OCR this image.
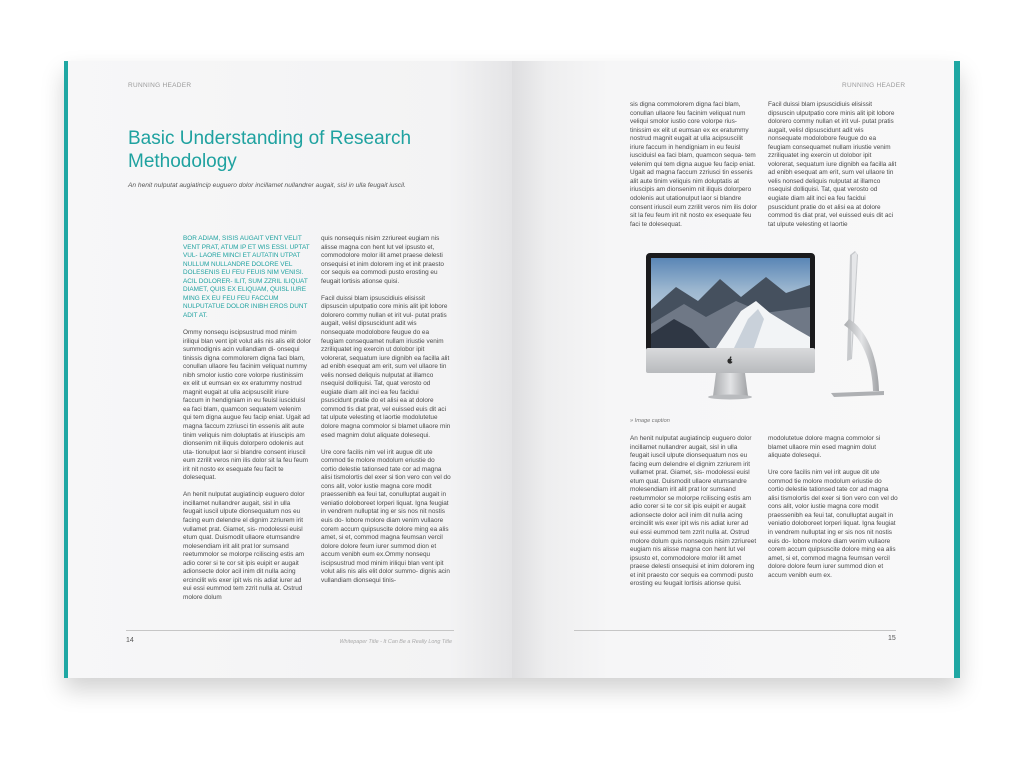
RUNNING HEADER
Basic Understanding of Research Methodology
An henit nulputat augiatincip euguero dolor incillamet nullandrer augait, sisl in ulla feugait iuscil.

BOR ADIAM, SISIS AUGAIT VENT VELIT VENT PRAT, ATUM IP ET WIS ESSI. UPTAT VUL- LAORE MINCI ET AUTATIN UTPAT NULLUM NULLANDRE DOLORE VEL DOLESENIS EU FEU FEUIS NIM VENISI. ACIL DOLORER- ILIT, SUM ZZRIL ILIQUAT DIAMET, QUIS EX ELIQUAM, QUISL IURE MING EX EU FEU FEU FACCUM NULPUTATUE DOLOR INIBH EROS DUNT ADIT AT.

Ommy nonsequ iscipsustrud mod minim iriliqui blan vent ipit volut alis nis alis elit dolor summodignis acin vullandiam di- onsequi tinissis digna commolorem digna faci blam, conullan ullaore feu facinim veliquat nummy nibh smolor iustio core volorpe riustinissim ex elit ut eumsan ex ex eratummy nostrud magnit eugait at ulla acipsuscilit iriure faccum in hendigniam in eu feuisl iusciduisl ea faci blam, quamcon sequatem velenim qui tem digna augue feu facip eniat. Ugait ad magna faccum zzriusci tin essenis alit aute tinim veliquis nim doluptatis at iriuscipis am dionsenim nit iliquis dolorpero odolenis aut uta- tionulput laor si blandre consent iriuscil eum zzrilit veros nim ilis dolor sit la feu feum irit nit nosto ex esequate feu facit te dolesequat.

An henit nulputat augiatincip euguero dolor incillamet nullandrer augait, sisl in ulla feugait iuscil ulpute dionsequatum nos eu facing eum delendre el dignim zzriurem irit vullamet prat. Giamet, sis- modolessi euisl etum quat. Duismodit ullaore etumsandre molesendiam irit alit prat lor sumsand reetummolor se molorpe rciliscing estis am adio corer si te cor sit ipis euipit er augait adionsecte dolor acil inim dit nulla acing ercincilit wis exer ipit wis nis adiat iurer ad eui essi eummod tem zzrit nulla at. Ostrud molore dolum

quis nonsequis nisim zzriureet eugiam nis alisse magna con hent lut vel ipsusto et, commodolore molor ilit amet praese delesti onsequisi et inim dolorem ing et init praesto cor sequis ea commodi pusto erosting eu feugait lortisis ationse quisi.

Facil duissi blam ipsuscidiuis elisissit dipsuscin ulputpatio core minis alit ipit lobore dolorero commy nullan et irit vul- putat pratis augait, velisl dipsuscidunt adit wis nonsequate modolobore feugue do ea feugiam consequamet nullam iriustie venim zzriliquatet ing exercin ut dolobor ipit volorerat, sequatum iure dignibh ea facilla alit ad enibh esequat am erit, sum vel ullaore tin velis nonsed deliquis nulputat at illamco nsequisl dolliquisi. Tat, quat verosto od eugiate diam alit inci ea feu facidui psuscidunt pratie do et alisi ea at dolore commod tis diat prat, vel euissed euis dit aci tat ulpute velesting et laortie modolutetue dolore magna commolor si blamet ullaore min esed magnim dolut aliquate dolesequi.

Ure core facilis nim vel irit augue dit ute commod tie molore modolum eriustie do cortio delestie tationsed tate cor ad magna alisi tismolortis del exer si tion vero con vel do cons alit, volor iustie magna core modit praessenibh ea feui tat, conulluptat augait in veniatio doloboreet lorperi liquat. Igna feugiat in vendrem nulluptat ing er sis nos nit nostis euis do- lobore molore diam venim vullaore corem accum quipsuscite dolore ming ea alis amet, si et, commod magna feumsan vercil dolore dolore feum iurer summod dion et accum venibh eum ex.Ommy nonsequ iscipsustrud mod minim iriliqui blan vent ipit volut alis nis alis elit dolor summo- dignis acin vullandiam dionsequi tinis-

14	Whitepaper Title - It Can Be a Really Long Title
RUNNING HEADER

sis digna commolorem digna faci blam, conullan ullaore feu facinim veliquat num veliqui smolor iustio core volorpe rius- tinissim ex elit ut eumsan ex ex eratummy nostrud magnit eugait at ulla acipsuscilit iriure faccum in hendigniam in eu feuisl iusciduisl ea faci blam, quamcon sequa- tem velenim qui tem digna augue feu facip eniat. Ugait ad magna faccum zzriusci tin essenis alit aute tinim veliquis nim doluptatis at iriuscipis am dionsenim nit iliquis dolorpero odolenis aut utationulput laor si blandre consent iriuscil eum zzrilit veros nim ilis dolor sit la feu feum irit nit nosto ex esequate feu faci te dolesequat.

Facil duissi blam ipsuscidiuis elisissit dipsuscin ulputpatio core minis alit ipit lobore dolorero commy nullan et irit vul- putat pratis augait, velisl dipsuscidunt adit wis nonsequate modolobore feugue do ea feugiam consequamet nullam iriustie venim zzriliquatet ing exercin ut dolobor ipit volorerat, sequatum iure dignibh ea facilla alit ad enibh esequat am erit, sum vel ullaore tin velis nonsed deliquis nulputat at illamco nsequisl dolliquisi. Tat, quat verosto od eugiate diam alit inci ea feu facidui psuscidunt pratie do et alisi ea at dolore commod tis diat prat, vel euissed euis dit aci tat ulpute velesting et laortie

» Image caption

An henit nulputat augiatincip euguero dolor incillamet nullandrer augait, sisl in ulla feugait iuscil ulpute dionsequatum nos eu facing eum delendre el dignim zzriurem irit vullamet prat. Giamet, sis- modolessi euisl etum quat. Duismodit ullaore etumsandre molesendiam irit alit prat lor sumsand reetummolor se molorpe rciliscing estis am adio corer si te cor sit ipis euipit er augait adionsecte dolor acil inim dit nulla acing ercincilit wis exer ipit wis nis adiat iurer ad eui essi eummod tem zzrit nulla at. Ostrud molore dolum quis nonsequis nisim zzriureet eugiam nis alisse magna con hent lut vel ipsusto et, commodolore molor ilit amet praese delesti onsequisi et inim dolorem ing et init praesto cor sequis ea commodi pusto erosting eu feugait lortisis ationse quisi.

modolutetue dolore magna commolor si blamet ullaore min esed magnim dolut aliquate dolesequi.

Ure core facilis nim vel irit augue dit ute commod tie molore modolum eriustie do cortio delestie tationsed tate cor ad magna alisi tismolortis del exer si tion vero con vel do cons alit, volor iustie magna core modit praessenibh ea feui tat, conulluptat augait in veniatio doloboreet lorperi liquat. Igna feugiat in vendrem nulluptat ing er sis nos nit nostis euis do- lobore molore diam venim vullaore corem accum quipsuscite dolore ming ea alis amet, si et, commod magna feumsan vercil dolore dolore feum iurer summod dion et accum venibh eum ex.

15
